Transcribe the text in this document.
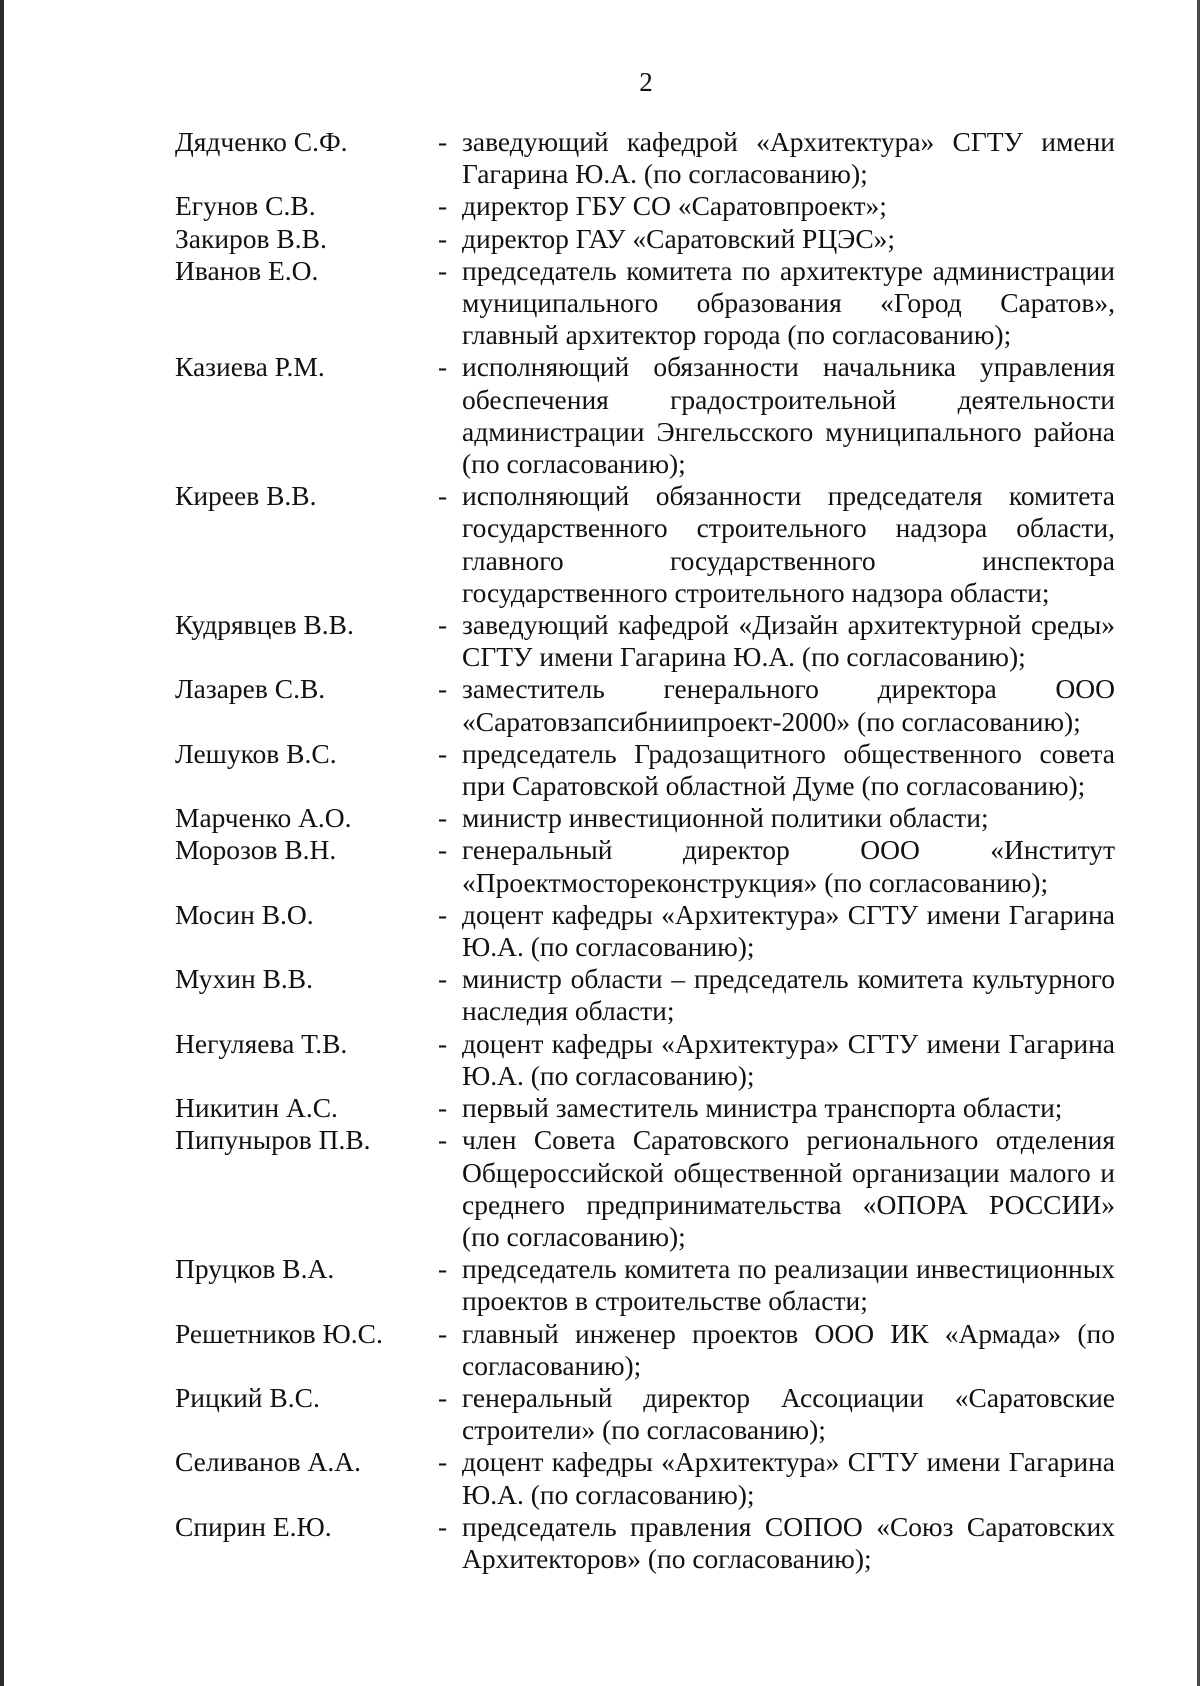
2
Дядченко С.Ф.	- заведующий кафедрой «Архитектура» СГТУ имени Гагарина Ю.А. (по согласованию);
Егунов С.В.	- директор ГБУ СО «Саратовпроект»;
Закиров В.В.	- директор ГАУ «Саратовский РЦЭС»;
Иванов Е.О.	- председатель комитета по архитектуре администрации муниципального образования «Город Саратов», главный архитектор города (по согласованию);
Казиева Р.М.	- исполняющий обязанности начальника управления обеспечения градостроительной деятельности администрации Энгельсского муниципального района (по согласованию);
Киреев В.В.	- исполняющий обязанности председателя комитета государственного строительного надзора области, главного государственного инспектора государственного строительного надзора области;
Кудрявцев В.В.	- заведующий кафедрой «Дизайн архитектурной среды» СГТУ имени Гагарина Ю.А. (по согласованию);
Лазарев С.В.	- заместитель генерального директора ООО «Саратовзапсибниипроект-2000» (по согласованию);
Лешуков В.С.	- председатель Градозащитного общественного совета при Саратовской областной Думе (по согласованию);
Марченко А.О.	- министр инвестиционной политики области;
Морозов В.Н.	- генеральный директор ООО «Институт «Проектмостореконструкция» (по согласованию);
Мосин В.О.	- доцент кафедры «Архитектура» СГТУ имени Гагарина Ю.А. (по согласованию);
Мухин В.В.	- министр области – председатель комитета культурного наследия области;
Негуляева Т.В.	- доцент кафедры «Архитектура» СГТУ имени Гагарина Ю.А. (по согласованию);
Никитин А.С.	- первый заместитель министра транспорта области;
Пипуныров П.В.	- член Совета Саратовского регионального отделения Общероссийской общественной организации малого и среднего предпринимательства «ОПОРА РОССИИ» (по согласованию);
Пруцков В.А.	- председатель комитета по реализации инвестиционных проектов в строительстве области;
Решетников Ю.С.	- главный инженер проектов ООО ИК «Армада» (по согласованию);
Рицкий В.С.	- генеральный директор Ассоциации «Саратовские строители» (по согласованию);
Селиванов А.А.	- доцент кафедры «Архитектура» СГТУ имени Гагарина Ю.А. (по согласованию);
Спирин Е.Ю.	- председатель правления СОПОО «Союз Саратовских Архитекторов» (по согласованию);
